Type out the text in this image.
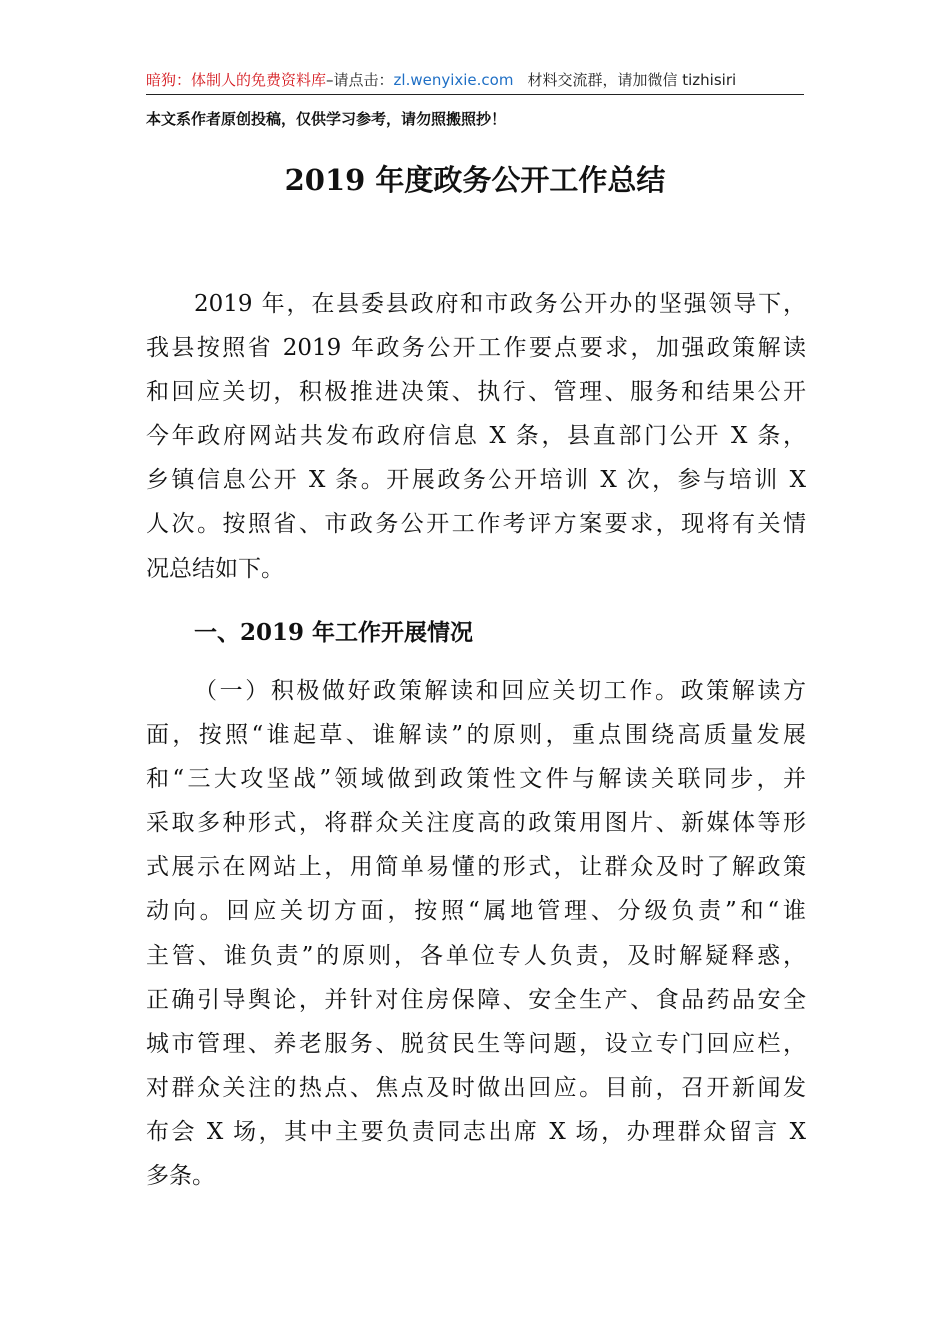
暗狗：体制人的免费资料库–请点击：zl.wenyixie.com 材料交流群，请加微信 tizhisiri
本文系作者原创投稿，仅供学习参考，请勿照搬照抄！
2019 年度政务公开工作总结
2019 年，在县委县政府和市政务公开办的坚强领导下，
我县按照省 2019 年政务公开工作要点要求，加强政策解读
和回应关切，积极推进决策、执行、管理、服务和结果公开
今年政府网站共发布政府信息 X 条，县直部门公开 X 条，
乡镇信息公开 X 条。开展政务公开培训 X 次，参与培训 X
人次。按照省、市政务公开工作考评方案要求，现将有关情
况总结如下。
一、2019 年工作开展情况
（一）积极做好政策解读和回应关切工作。政策解读方
面，按照“谁起草、谁解读”的原则，重点围绕高质量发展
和“三大攻坚战”领域做到政策性文件与解读关联同步，并
采取多种形式，将群众关注度高的政策用图片、新媒体等形
式展示在网站上，用简单易懂的形式，让群众及时了解政策
动向。回应关切方面，按照“属地管理、分级负责”和“谁
主管、谁负责”的原则，各单位专人负责，及时解疑释惑，
正确引导舆论，并针对住房保障、安全生产、食品药品安全
城市管理、养老服务、脱贫民生等问题，设立专门回应栏，
对群众关注的热点、焦点及时做出回应。目前，召开新闻发
布会 X 场，其中主要负责同志出席 X 场，办理群众留言 X
多条。
